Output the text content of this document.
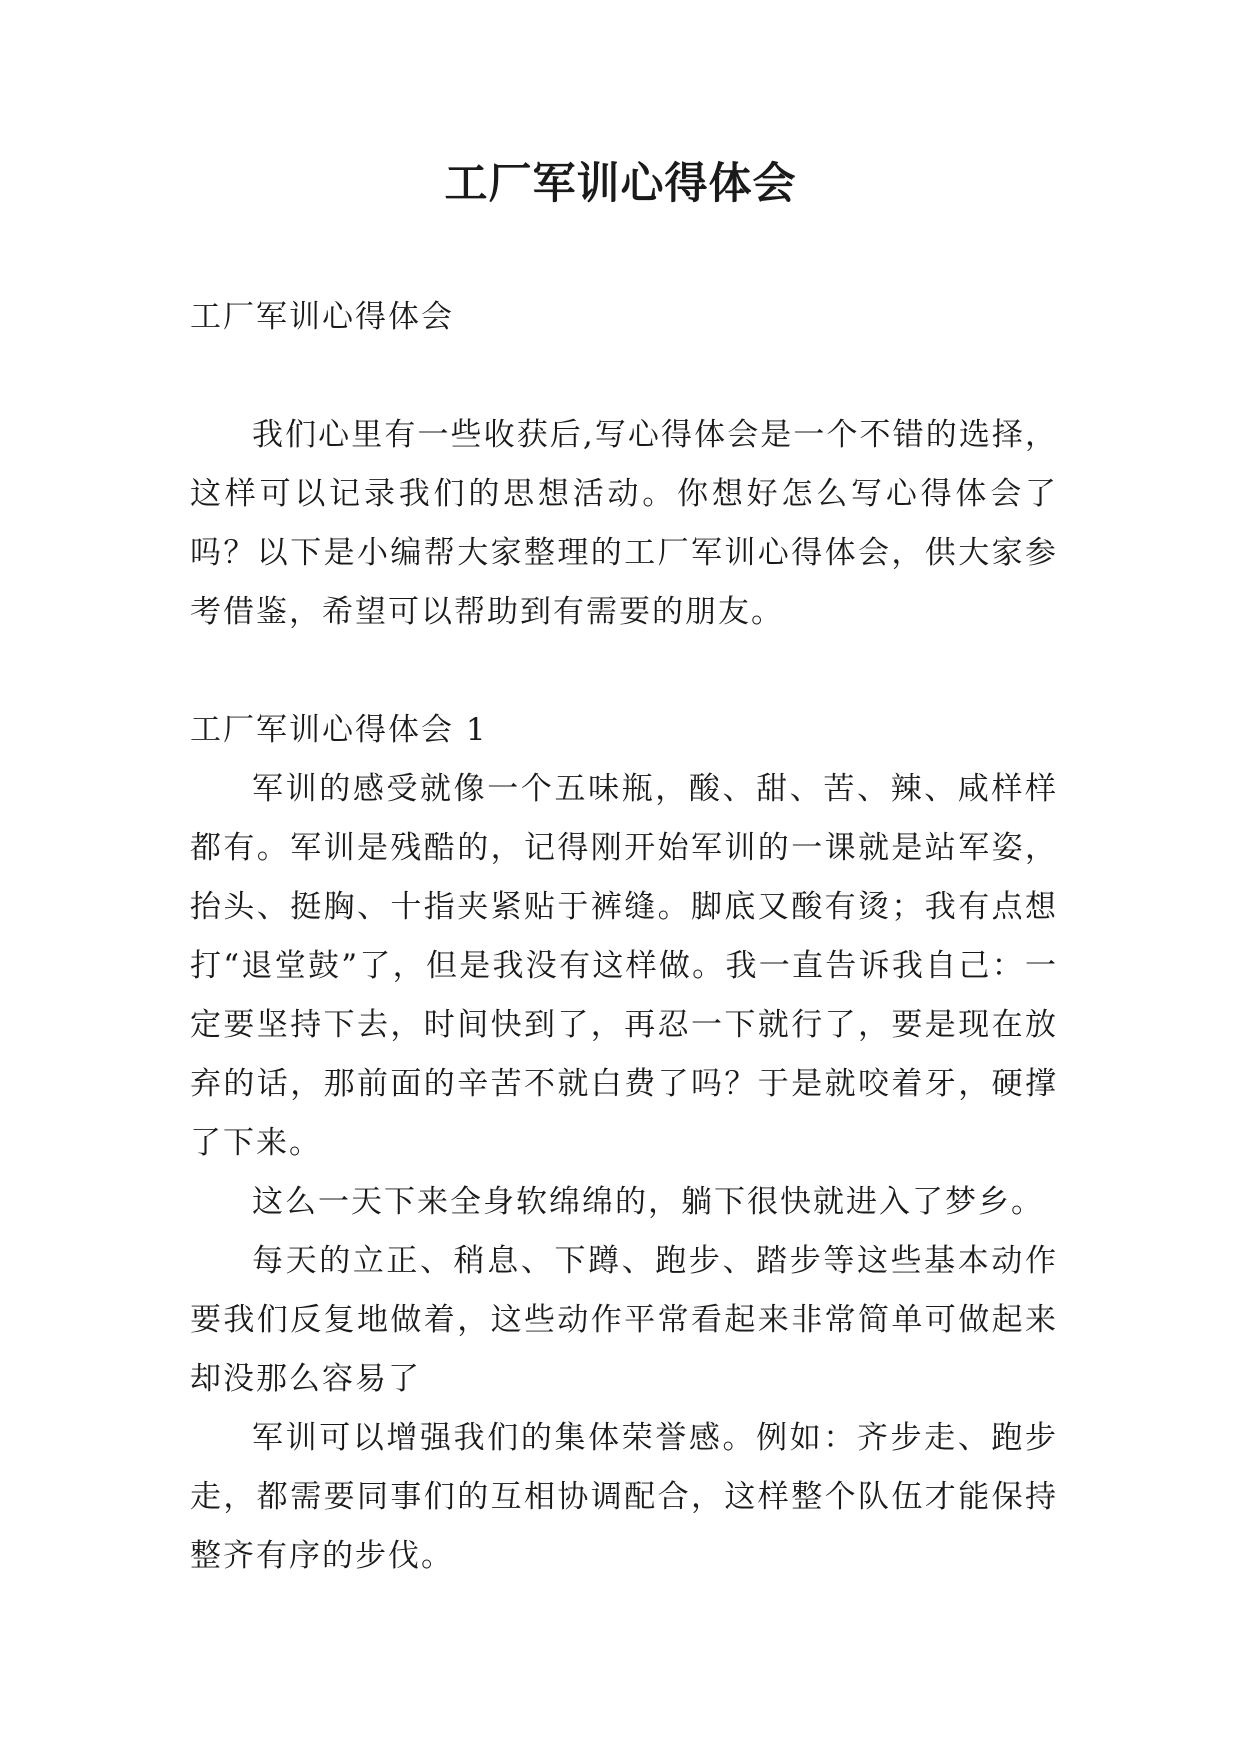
工厂军训心得体会

工厂军训心得体会

我们心里有一些收获后,写心得体会是一个不错的选择，这样可以记录我们的思想活动。你想好怎么写心得体会了吗？以下是小编帮大家整理的工厂军训心得体会，供大家参考借鉴，希望可以帮助到有需要的朋友。

工厂军训心得体会 1

军训的感受就像一个五味瓶，酸、甜、苦、辣、咸样样都有。军训是残酷的，记得刚开始军训的一课就是站军姿，抬头、挺胸、十指夹紧贴于裤缝。脚底又酸有烫；我有点想打“退堂鼓”了，但是我没有这样做。我一直告诉我自己：一定要坚持下去，时间快到了，再忍一下就行了，要是现在放弃的话，那前面的辛苦不就白费了吗？于是就咬着牙，硬撑了下来。

这么一天下来全身软绵绵的，躺下很快就进入了梦乡。

每天的立正、稍息、下蹲、跑步、踏步等这些基本动作要我们反复地做着，这些动作平常看起来非常简单可做起来却没那么容易了

军训可以增强我们的集体荣誉感。例如：齐步走、跑步走，都需要同事们的互相协调配合，这样整个队伍才能保持整齐有序的步伐。
